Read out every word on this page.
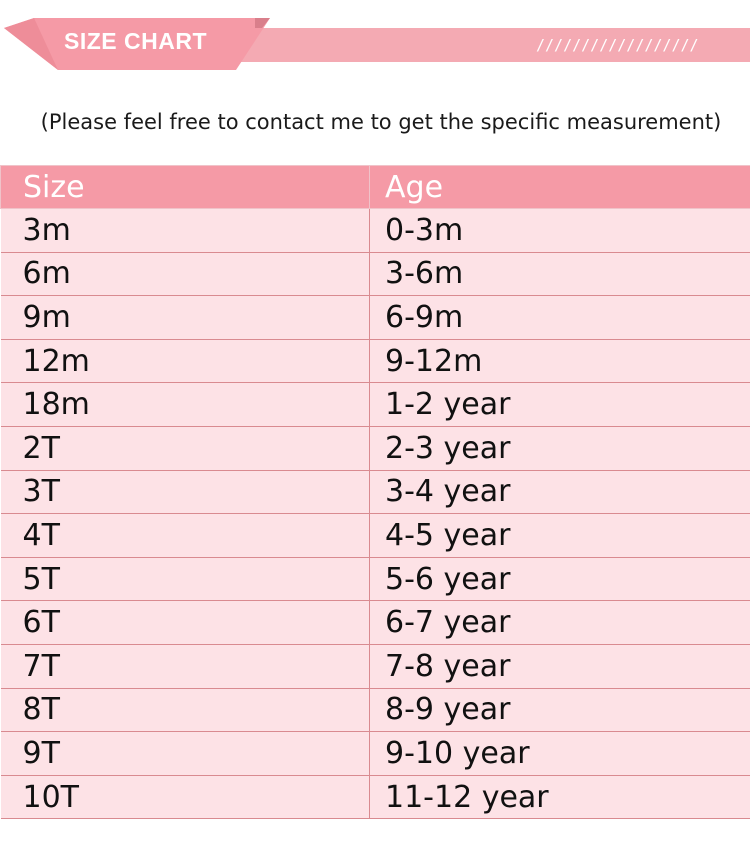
SIZE CHART	//////////////////
(Please feel free to contact me to get the specific measurement)
Size	Age
3m	0-3m
6m	3-6m
9m	6-9m
12m	9-12m
18m	1-2 year
2T	2-3 year
3T	3-4 year
4T	4-5 year
5T	5-6 year
6T	6-7 year
7T	7-8 year
8T	8-9 year
9T	9-10 year
10T	11-12 year
